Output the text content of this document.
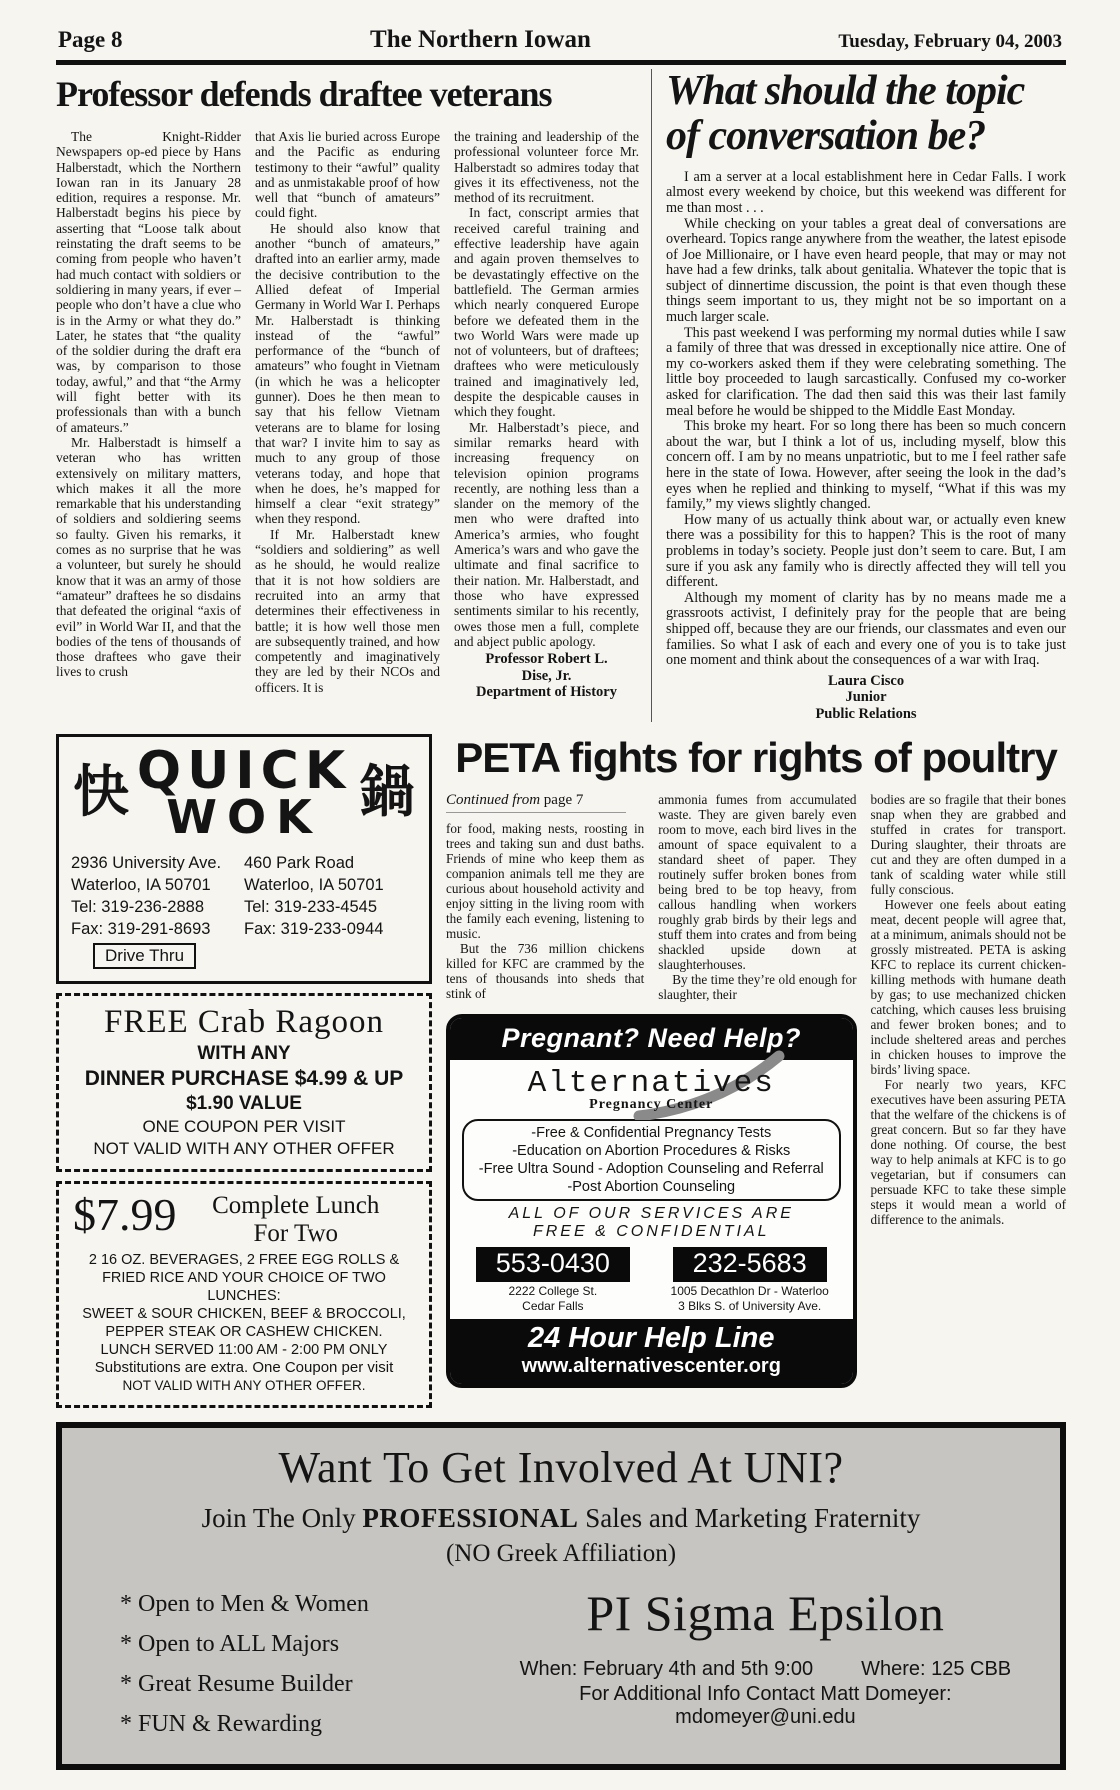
Page 8	The Northern Iowan	Tuesday, February 04, 2003
Professor defends draftee veterans

The Knight-Ridder Newspapers op-ed piece by Hans Halberstadt, which the Northern Iowan ran in its January 28 edition, requires a response. Mr. Halberstadt begins his piece by asserting that “Loose talk about reinstating the draft seems to be coming from people who haven’t had much contact with soldiers or soldiering in many years, if ever – people who don’t have a clue who is in the Army or what they do.” Later, he states that “the quality of the soldier during the draft era was, by comparison to those today, awful,” and that “the Army will fight better with its professionals than with a bunch of amateurs.”

Mr. Halberstadt is himself a veteran who has written extensively on military matters, which makes it all the more remarkable that his understanding of soldiers and soldiering seems so faulty. Given his remarks, it comes as no surprise that he was a volunteer, but surely he should know that it was an army of those “amateur” draftees he so disdains that defeated the original “axis of evil” in World War II, and that the bodies of the tens of thousands of those draftees who gave their lives to crush

that Axis lie buried across Europe and the Pacific as enduring testimony to their “awful” quality and as unmistakable proof of how well that “bunch of amateurs” could fight.

He should also know that another “bunch of amateurs,” drafted into an earlier army, made the decisive contribution to the Allied defeat of Imperial Germany in World War I. Perhaps Mr. Halberstadt is thinking instead of the “awful” performance of the “bunch of amateurs” who fought in Vietnam (in which he was a helicopter gunner). Does he then mean to say that his fellow Vietnam veterans are to blame for losing that war? I invite him to say as much to any group of those veterans today, and hope that when he does, he’s mapped for himself a clear “exit strategy” when they respond.

If Mr. Halberstadt knew “soldiers and soldiering” as well as he should, he would realize that it is not how soldiers are recruited into an army that determines their effectiveness in battle; it is how well those men are subsequently trained, and how competently and imaginatively they are led by their NCOs and officers. It is

the training and leadership of the professional volunteer force Mr. Halberstadt so admires today that gives it its effectiveness, not the method of its recruitment.

In fact, conscript armies that received careful training and effective leadership have again and again proven themselves to be devastatingly effective on the battlefield. The German armies which nearly conquered Europe before we defeated them in the two World Wars were made up not of volunteers, but of draftees; draftees who were meticulously trained and imaginatively led, despite the despicable causes in which they fought.

Mr. Halberstadt’s piece, and similar remarks heard with increasing frequency on television opinion programs recently, are nothing less than a slander on the memory of the men who were drafted into America’s armies, who fought America’s wars and who gave the ultimate and final sacrifice to their nation. Mr. Halberstadt, and those who have expressed sentiments similar to his recently, owes those men a full, complete and abject public apology.

Professor Robert L.

Dise, Jr.

Department of History

What should the topic
of conversation be?

I am a server at a local establishment here in Cedar Falls. I work almost every weekend by choice, but this weekend was different for me than most . . .

While checking on your tables a great deal of conversations are overheard. Topics range anywhere from the weather, the latest episode of Joe Millionaire, or I have even heard people, that may or may not have had a few drinks, talk about genitalia. Whatever the topic that is subject of dinnertime discussion, the point is that even though these things seem important to us, they might not be so important on a much larger scale.

This past weekend I was performing my normal duties while I saw a family of three that was dressed in exceptionally nice attire. One of my co-workers asked them if they were celebrating something. The little boy proceeded to laugh sarcastically. Confused my co-worker asked for clarification. The dad then said this was their last family meal before he would be shipped to the Middle East Monday.

This broke my heart. For so long there has been so much concern about the war, but I think a lot of us, including myself, blow this concern off. I am by no means unpatriotic, but to me I feel rather safe here in the state of Iowa. However, after seeing the look in the dad’s eyes when he replied and thinking to myself, “What if this was my family,” my views slightly changed.

How many of us actually think about war, or actually even knew there was a possibility for this to happen? This is the root of many problems in today’s society. People just don’t seem to care. But, I am sure if you ask any family who is directly affected they will tell you different.

Although my moment of clarity has by no means made me a grassroots activist, I definitely pray for the people that are being shipped off, because they are our friends, our classmates and even our families. So what I ask of each and every one of you is to take just one moment and think about the consequences of a war with Iraq.

Laura Cisco

Junior

Public Relations

快 QUICK
WOK 鍋

2936 University Ave.

Waterloo, IA 50701

Tel: 319-236-2888

Fax: 319-291-8693

Drive Thru

460 Park Road

Waterloo, IA 50701

Tel: 319-233-4545

Fax: 319-233-0944

FREE Crab Ragoon
WITH ANY
DINNER PURCHASE $4.99 & UP
$1.90 VALUE
ONE COUPON PER VISIT
NOT VALID WITH ANY OTHER OFFER
$7.99	Complete Lunch
For Two

2 16 OZ. BEVERAGES, 2 FREE EGG ROLLS &

FRIED RICE AND YOUR CHOICE OF TWO LUNCHES:

SWEET & SOUR CHICKEN, BEEF & BROCCOLI,

PEPPER STEAK OR CASHEW CHICKEN.

LUNCH SERVED 11:00 AM - 2:00 PM ONLY

Substitutions are extra. One Coupon per visit

NOT VALID WITH ANY OTHER OFFER.

PETA fights for rights of poultry
Continued from page 7

for food, making nests, roosting in trees and taking sun and dust baths. Friends of mine who keep them as companion animals tell me they are curious about household activity and enjoy sitting in the living room with the family each evening, listening to music.

But the 736 million chickens killed for KFC are crammed by the tens of thousands into sheds that stink of

ammonia fumes from accumulated waste. They are given barely even room to move, each bird lives in the amount of space equivalent to a standard sheet of paper. They routinely suffer broken bones from being bred to be top heavy, from callous handling when workers roughly grab birds by their legs and stuff them into crates and from being shackled upside down at slaughterhouses.

By the time they’re old enough for slaughter, their

Pregnant? Need Help?
Alternatives
Pregnancy Center

-Free & Confidential Pregnancy Tests

-Education on Abortion Procedures & Risks

-Free Ultra Sound - Adoption Counseling and Referral

-Post Abortion Counseling

ALL OF OUR SERVICES ARE
FREE & CONFIDENTIAL
553-0430

2222 College St.

Cedar Falls

232-5683

1005 Decathlon Dr - Waterloo

3 Blks S. of University Ave.

24 Hour Help Line
www.alternativescenter.org

bodies are so fragile that their bones snap when they are grabbed and stuffed in crates for transport. During slaughter, their throats are cut and they are often dumped in a tank of scalding water while still fully conscious.

However one feels about eating meat, decent people will agree that, at a minimum, animals should not be grossly mistreated. PETA is asking KFC to replace its current chicken-killing methods with humane death by gas; to use mechanized chicken catching, which causes less bruising and fewer broken bones; and to include sheltered areas and perches in chicken houses to improve the birds’ living space.

For nearly two years, KFC executives have been assuring PETA that the welfare of the chickens is of great concern. But so far they have done nothing. Of course, the best way to help animals at KFC is to go vegetarian, but if consumers can persuade KFC to take these simple steps it would mean a world of difference to the animals.

Want To Get Involved At UNI?
Join The Only PROFESSIONAL Sales and Marketing Fraternity
(NO Greek Affiliation)

* Open to Men & Women

* Open to ALL Majors

* Great Resume Builder

* FUN & Rewarding

PI Sigma Epsilon
When: February 4th and 5th 9:00 Where: 125 CBB
For Additional Info Contact Matt Domeyer: mdomeyer@uni.edu
